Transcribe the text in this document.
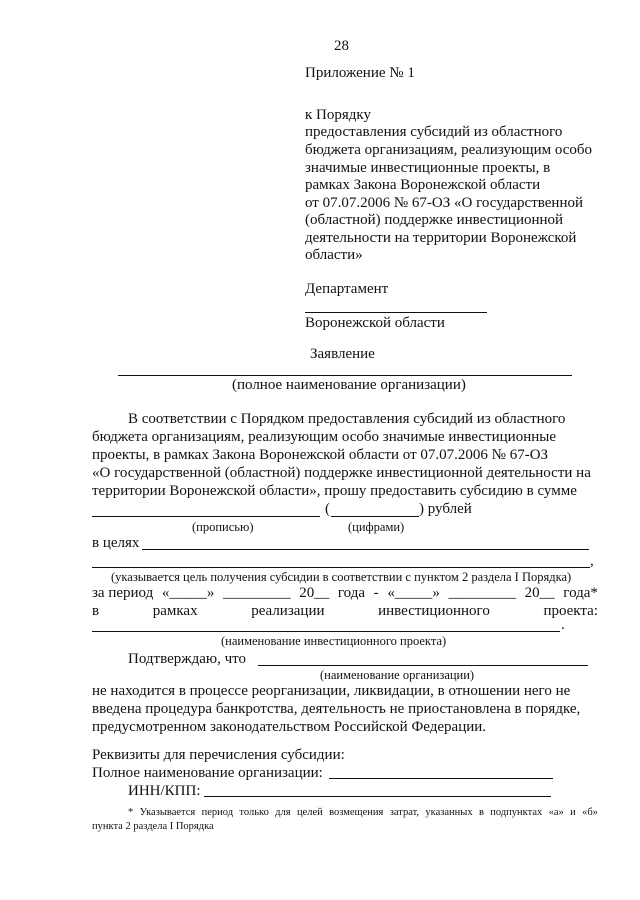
28
Приложение № 1
к Порядку
предоставления субсидий из областного
бюджета организациям, реализующим особо
значимые инвестиционные проекты, в
рамках Закона Воронежской области
от 07.07.2006 № 67-ОЗ «О государственной
(областной) поддержке инвестиционной
деятельности на территории Воронежской
области»
Департамент
Воронежской области
Заявление
(полное наименование организации)
В соответствии с Порядком предоставления субсидий из областного
бюджета организациям, реализующим особо значимые инвестиционные
проекты, в рамках Закона Воронежской области от 07.07.2006 № 67-ОЗ
«О государственной (областной) поддержке инвестиционной деятельности на
территории Воронежской области», прошу предоставить субсидию в сумме
(	) рублей
(прописью)	(цифрами)
в целях
,
(указывается цель получения субсидии в соответствии с пунктом 2 раздела I Порядка)
за период «_____» _________ 20__ года - «_____» _________ 20__ года*
в	рамках	реализации	инвестиционного	проекта:
.
(наименование инвестиционного проекта)
Подтверждаю, что
(наименование организации)
не находится в процессе реорганизации, ликвидации, в отношении него не
введена процедура банкротства, деятельность не приостановлена в порядке,
предусмотренном законодательством Российской Федерации.
Реквизиты для перечисления субсидии:
Полное наименование организации:
ИНН/КПП:
* Указывается период только для целей возмещения затрат, указанных в подпунктах «а» и «б»
пункта 2 раздела I Порядка
